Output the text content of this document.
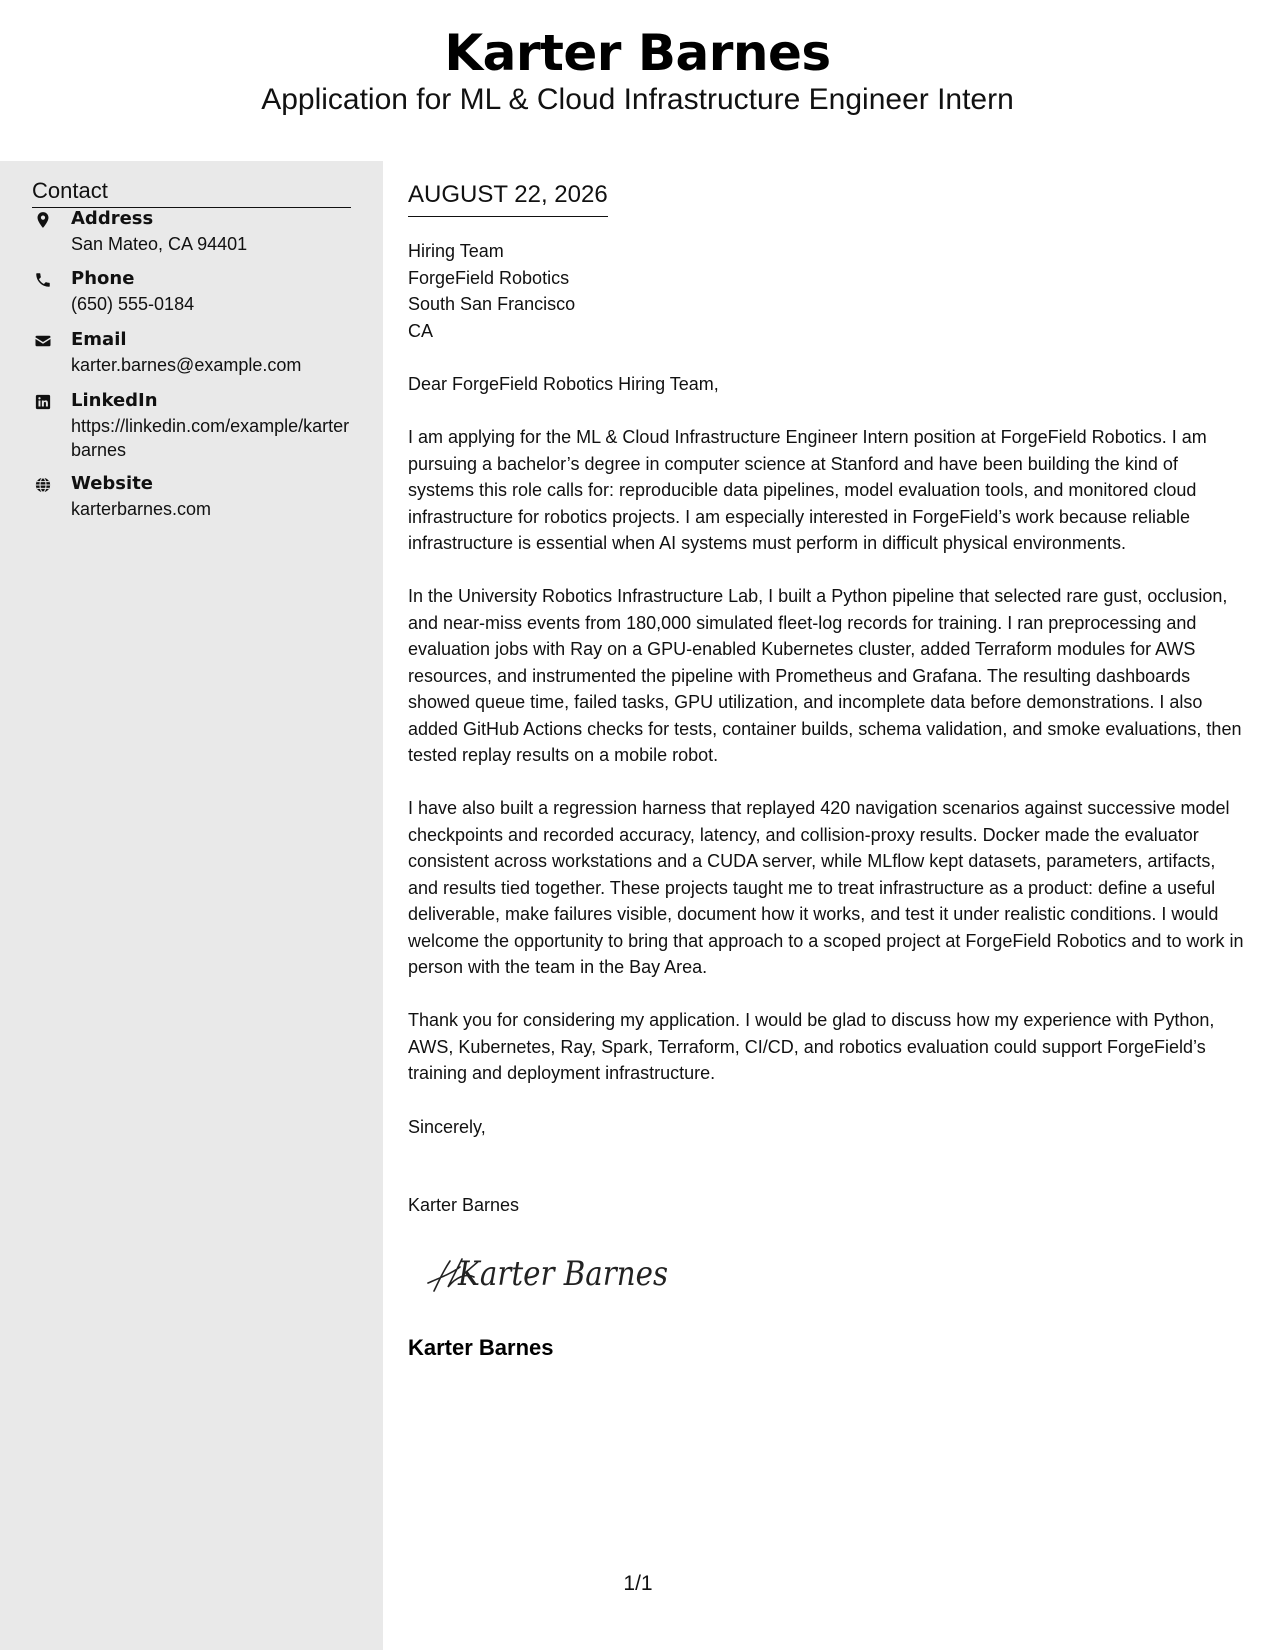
Karter Barnes
Application for ML & Cloud Infrastructure Engineer Intern
Contact
Address
San Mateo, CA 94401
Phone
(650) 555-0184
Email
karter.barnes@example.com
LinkedIn
https://linkedin.com/example/karterbarnes
Website
karterbarnes.com
AUGUST 22, 2026
Hiring Team
ForgeField Robotics
South San Francisco
CA

Dear ForgeField Robotics Hiring Team,

I am applying for the ML & Cloud Infrastructure Engineer Intern position at ForgeField Robotics. I am pursuing a bachelor’s degree in computer science at Stanford and have been building the kind of systems this role calls for: reproducible data pipelines, model evaluation tools, and monitored cloud infrastructure for robotics projects. I am especially interested in ForgeField’s work because reliable infrastructure is essential when AI systems must perform in difficult physical environments.

In the University Robotics Infrastructure Lab, I built a Python pipeline that selected rare gust, occlusion, and near-miss events from 180,000 simulated fleet-log records for training. I ran preprocessing and evaluation jobs with Ray on a GPU-enabled Kubernetes cluster, added Terraform modules for AWS resources, and instrumented the pipeline with Prometheus and Grafana. The resulting dashboards showed queue time, failed tasks, GPU utilization, and incomplete data before demonstrations. I also added GitHub Actions checks for tests, container builds, schema validation, and smoke evaluations, then tested replay results on a mobile robot.

I have also built a regression harness that replayed 420 navigation scenarios against successive model checkpoints and recorded accuracy, latency, and collision-proxy results. Docker made the evaluator consistent across workstations and a CUDA server, while MLflow kept datasets, parameters, artifacts, and results tied together. These projects taught me to treat infrastructure as a product: define a useful deliverable, make failures visible, document how it works, and test it under realistic conditions. I would welcome the opportunity to bring that approach to a scoped project at ForgeField Robotics and to work in person with the team in the Bay Area.

Thank you for considering my application. I would be glad to discuss how my experience with Python, AWS, Kubernetes, Ray, Spark, Terraform, CI/CD, and robotics evaluation could support ForgeField’s training and deployment infrastructure.

Sincerely,
Karter Barnes
Karter Barnes
Karter Barnes
1/1
